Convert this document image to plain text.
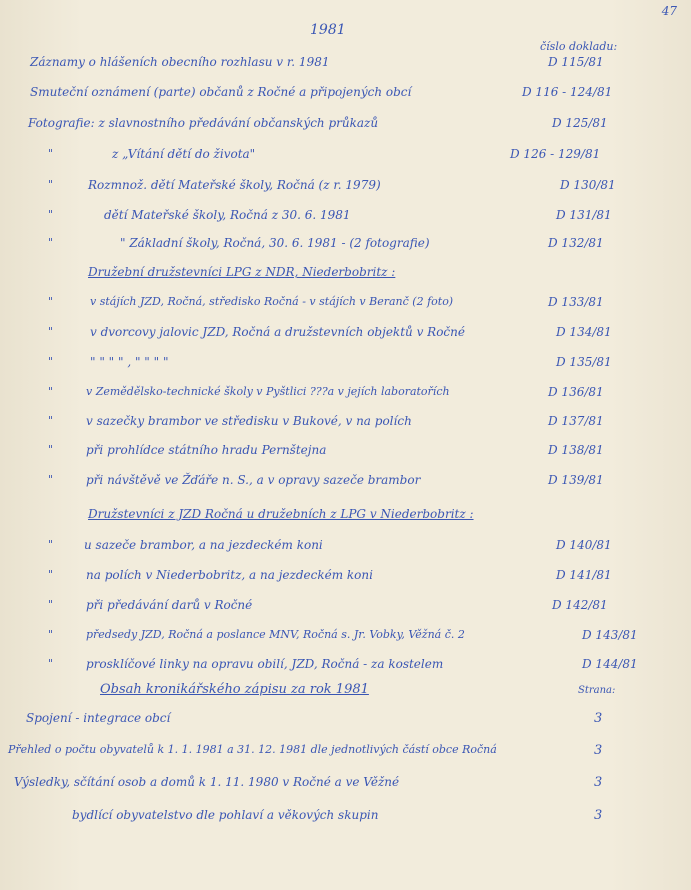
47
1981
číslo dokladu:
Záznamy o hlášeních obecního rozhlasu v r. 1981	D 115/81
Smuteční oznámení (parte) občanů z Ročné a připojených obcí	D 116 - 124/81
Fotografie: z slavnostního předávání občanských průkazů	D 125/81
"	z „Vítání dětí do života"	D 126 - 129/81
"	Rozmnož. dětí Mateřské školy, Ročná (z r. 1979)	D 130/81
"	dětí Mateřské školy, Ročná z 30. 6. 1981	D 131/81
"	" Základní školy, Ročná, 30. 6. 1981 - (2 fotografie)	D 132/81
Družební družstevníci LPG z NDR, Niederbobritz :
"	v stájích JZD, Ročná, středisko Ročná - v stájích v Beranč (2 foto)	D 133/81
"	v dvorcovy jalovic JZD, Ročná a družstevních objektů v Ročné	D 134/81
"	" " " " , " " " "	D 135/81
"	v Zemědělsko-technické školy v Pyštlici ???a v jejích laboratořích	D 136/81
"	v sazečky brambor ve středisku v Bukové, v na polích	D 137/81
"	při prohlídce státního hradu Pernštejna	D 138/81
"	při návštěvě ve Žďáře n. S., a v opravy sazeče brambor	D 139/81
Družstevníci z JZD Ročná u družebních z LPG v Niederbobritz :
"	u sazeče brambor, a na jezdeckém koni	D 140/81
"	na polích v Niederbobritz, a na jezdeckém koni	D 141/81
"	při předávání darů v Ročné	D 142/81
"	předsedy JZD, Ročná a poslance MNV, Ročná s. Jr. Vobky, Věžná č. 2	D 143/81
"	prosklíčové linky na opravu obilí, JZD, Ročná - za kostelem	D 144/81
Obsah kronikářského zápisu za rok 1981	Strana:
Spojení - integrace obcí	3
Přehled o počtu obyvatelů k 1. 1. 1981 a 31. 12. 1981 dle jednotlivých částí obce Ročná	3
Výsledky, sčítání osob a domů k 1. 11. 1980 v Ročné a ve Věžné	3
bydlící obyvatelstvo dle pohlaví a věkových skupin	3
